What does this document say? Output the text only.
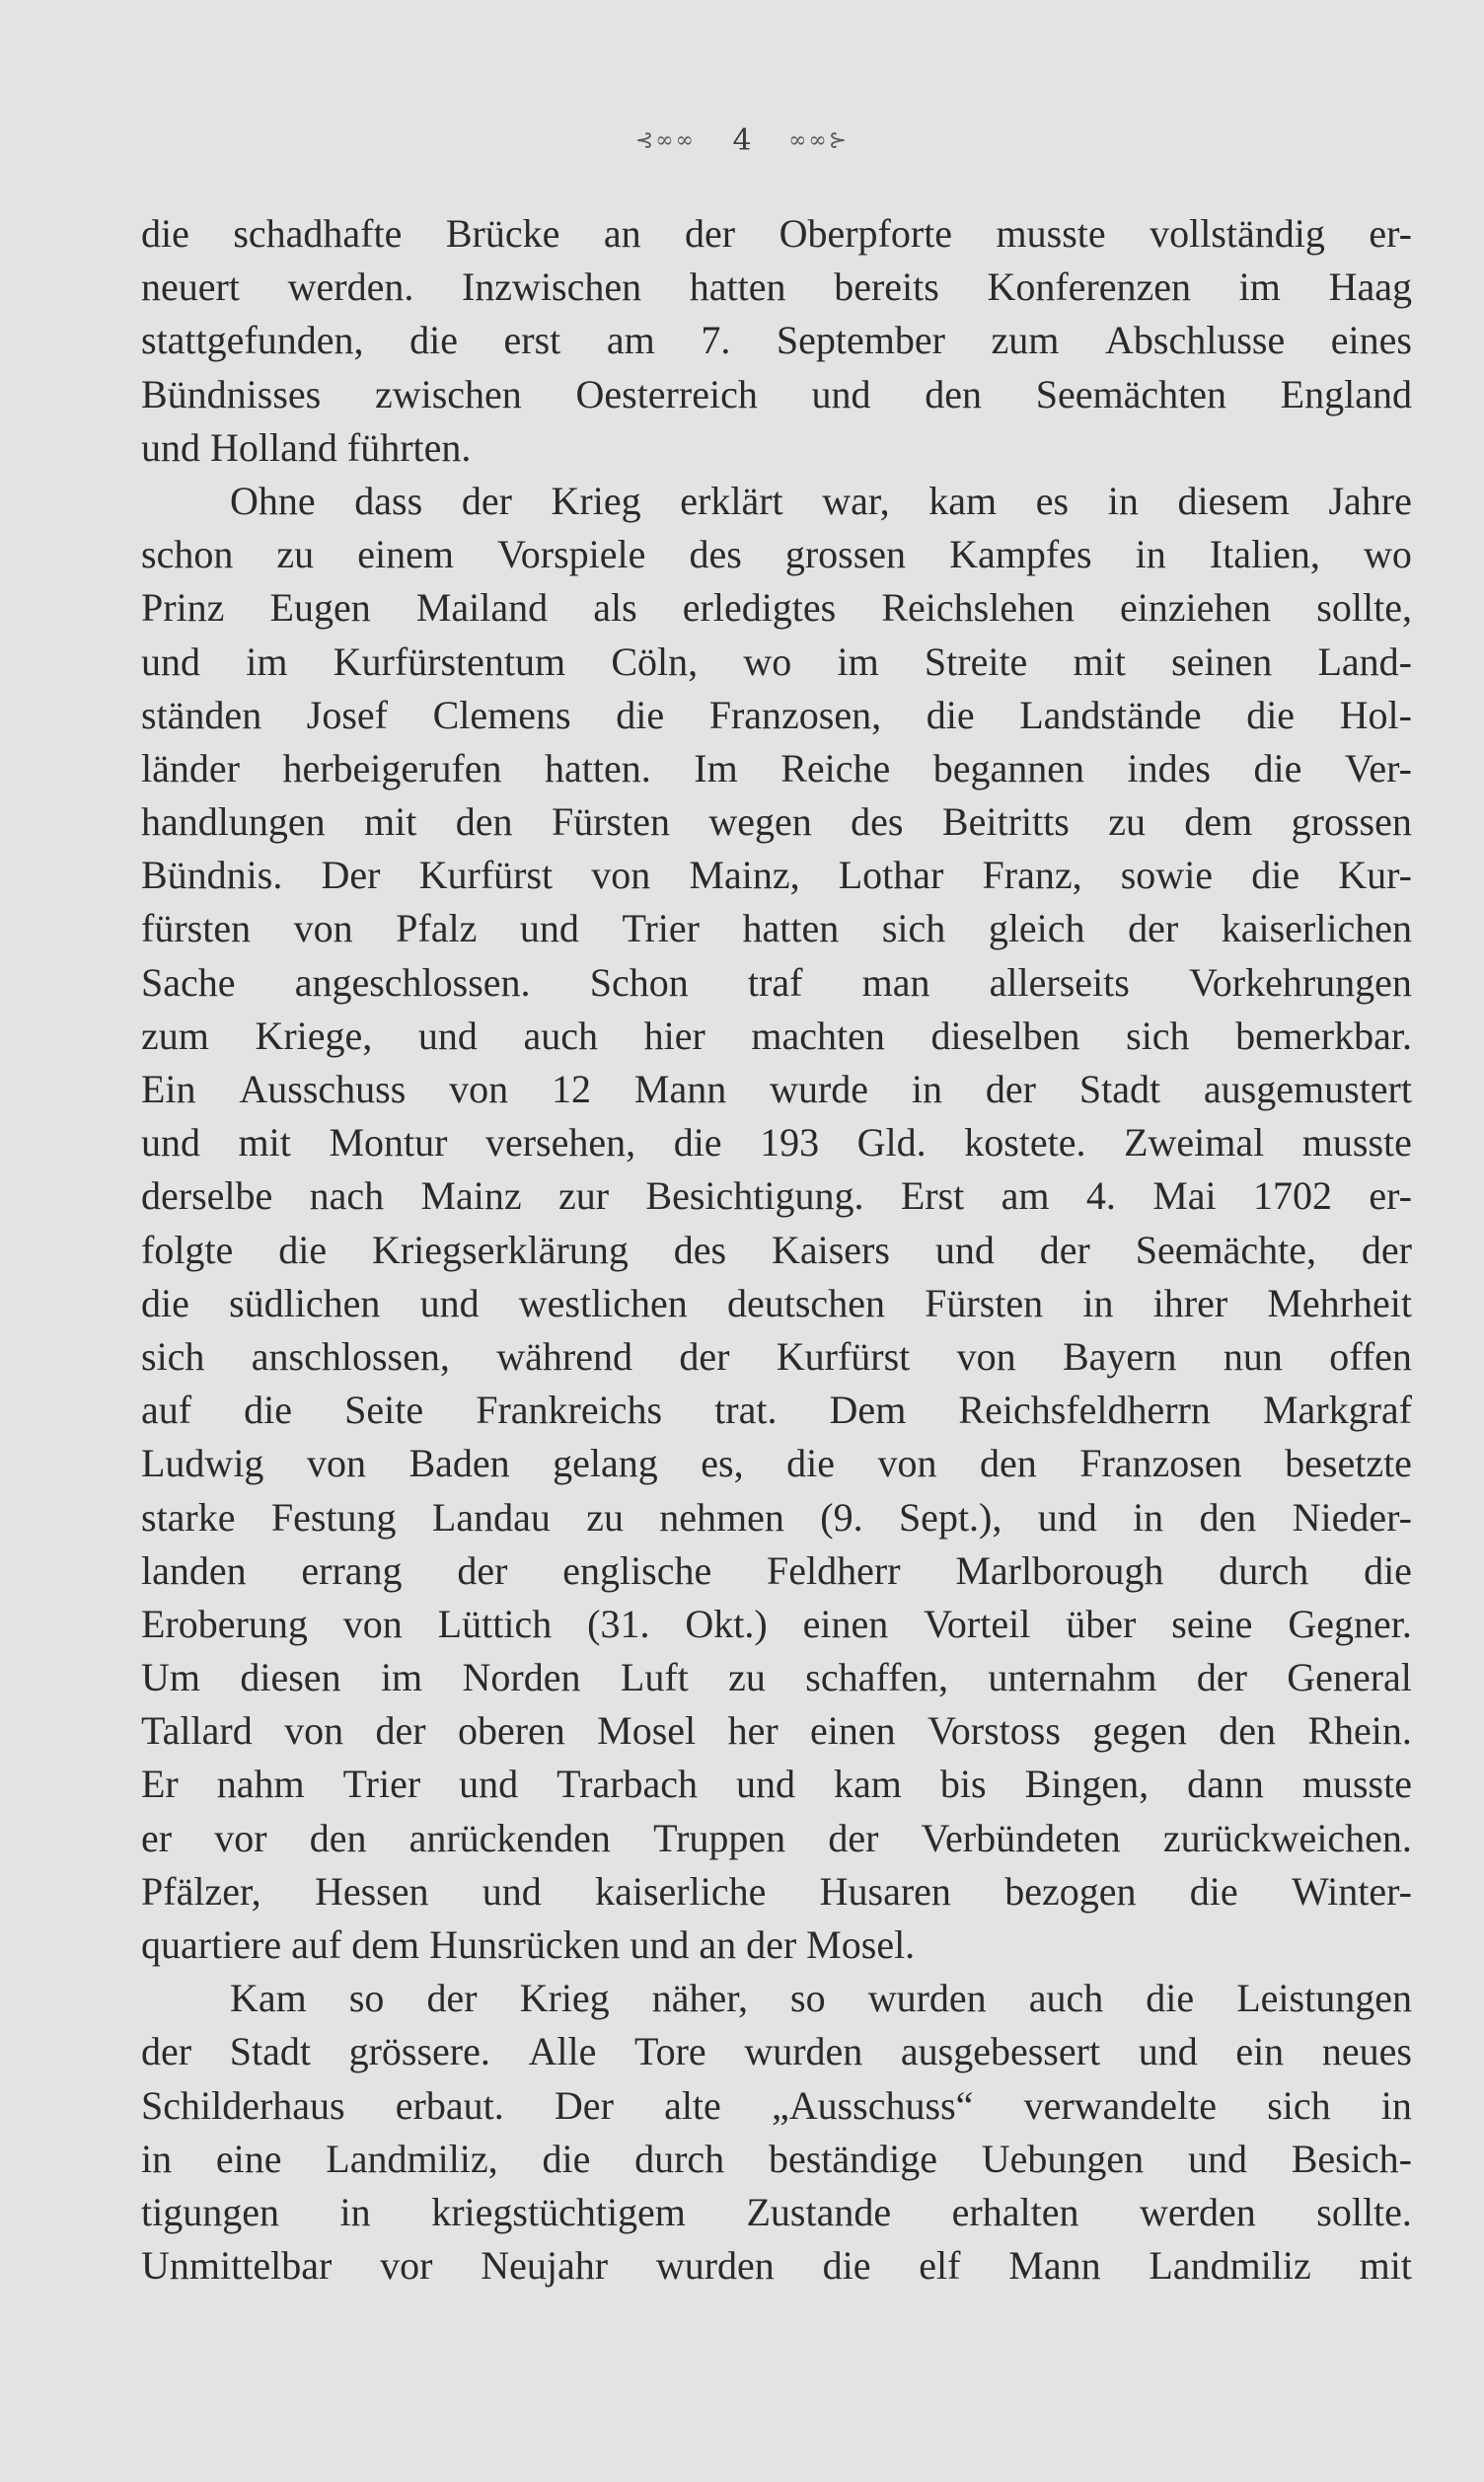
⊰∞∞ 4 ∞∞⊱
die schadhafte Brücke an der Oberpforte musste vollständig er-
neuert werden. Inzwischen hatten bereits Konferenzen im Haag
stattgefunden, die erst am 7. September zum Abschlusse eines
Bündnisses zwischen Oesterreich und den Seemächten England
und Holland führten.
Ohne dass der Krieg erklärt war, kam es in diesem Jahre
schon zu einem Vorspiele des grossen Kampfes in Italien, wo
Prinz Eugen Mailand als erledigtes Reichslehen einziehen sollte,
und im Kurfürstentum Cöln, wo im Streite mit seinen Land-
ständen Josef Clemens die Franzosen, die Landstände die Hol-
länder herbeigerufen hatten. Im Reiche begannen indes die Ver-
handlungen mit den Fürsten wegen des Beitritts zu dem grossen
Bündnis. Der Kurfürst von Mainz, Lothar Franz, sowie die Kur-
fürsten von Pfalz und Trier hatten sich gleich der kaiserlichen
Sache angeschlossen. Schon traf man allerseits Vorkehrungen
zum Kriege, und auch hier machten dieselben sich bemerkbar.
Ein Ausschuss von 12 Mann wurde in der Stadt ausgemustert
und mit Montur versehen, die 193 Gld. kostete. Zweimal musste
derselbe nach Mainz zur Besichtigung. Erst am 4. Mai 1702 er-
folgte die Kriegserklärung des Kaisers und der Seemächte, der
die südlichen und westlichen deutschen Fürsten in ihrer Mehrheit
sich anschlossen, während der Kurfürst von Bayern nun offen
auf die Seite Frankreichs trat. Dem Reichsfeldherrn Markgraf
Ludwig von Baden gelang es, die von den Franzosen besetzte
starke Festung Landau zu nehmen (9. Sept.), und in den Nieder-
landen errang der englische Feldherr Marlborough durch die
Eroberung von Lüttich (31. Okt.) einen Vorteil über seine Gegner.
Um diesen im Norden Luft zu schaffen, unternahm der General
Tallard von der oberen Mosel her einen Vorstoss gegen den Rhein.
Er nahm Trier und Trarbach und kam bis Bingen, dann musste
er vor den anrückenden Truppen der Verbündeten zurückweichen.
Pfälzer, Hessen und kaiserliche Husaren bezogen die Winter-
quartiere auf dem Hunsrücken und an der Mosel.
Kam so der Krieg näher, so wurden auch die Leistungen
der Stadt grössere. Alle Tore wurden ausgebessert und ein neues
Schilderhaus erbaut. Der alte „Ausschuss“ verwandelte sich in
in eine Landmiliz, die durch beständige Uebungen und Besich-
tigungen in kriegstüchtigem Zustande erhalten werden sollte.
Unmittelbar vor Neujahr wurden die elf Mann Landmiliz mit
